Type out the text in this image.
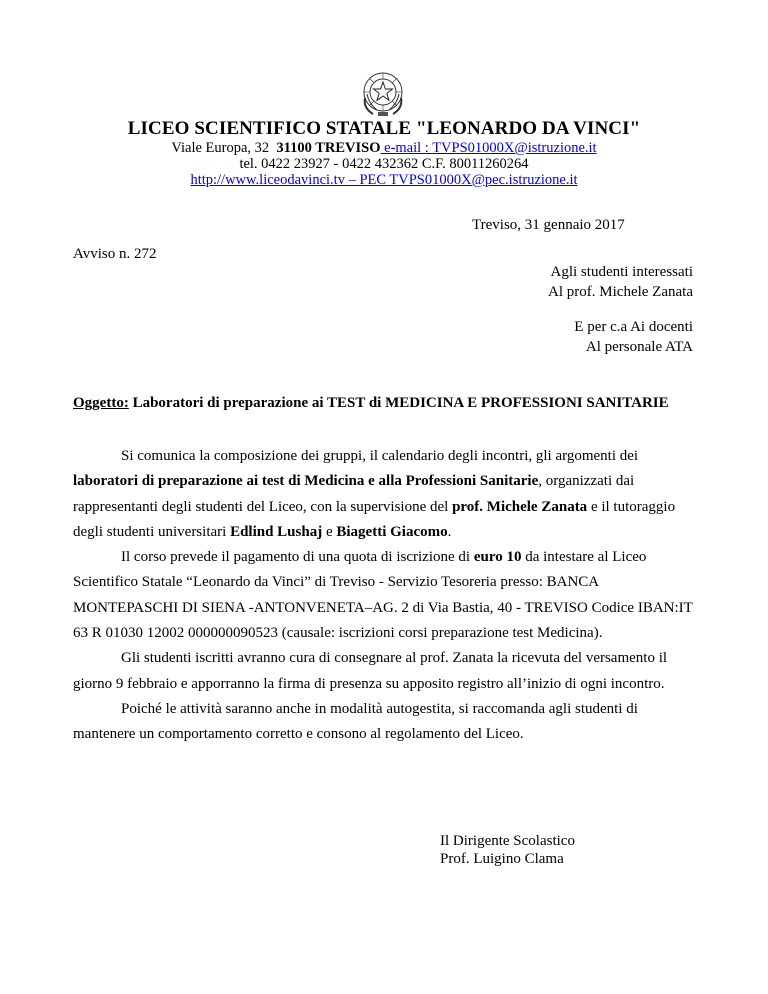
LICEO SCIENTIFICO STATALE "LEONARDO DA VINCI"
Viale Europa, 32 31100 TREVISO e-mail : TVPS01000X@istruzione.it
tel. 0422 23927 - 0422 432362 C.F. 80011260264
http://www.liceodavinci.tv – PEC TVPS01000X@pec.istruzione.it
Treviso, 31 gennaio 2017
Avviso n. 272
Agli studenti interessati
Al prof. Michele Zanata
E per c.a Ai docenti
Al personale ATA
Oggetto: Laboratori di preparazione ai TEST di MEDICINA E PROFESSIONI SANITARIE

Si comunica la composizione dei gruppi, il calendario degli incontri, gli argomenti dei laboratori di preparazione ai test di Medicina e alla Professioni Sanitarie, organizzati dai rappresentanti degli studenti del Liceo, con la supervisione del prof. Michele Zanata e il tutoraggio degli studenti universitari Edlind Lushaj e Biagetti Giacomo.

Il corso prevede il pagamento di una quota di iscrizione di euro 10 da intestare al Liceo Scientifico Statale “Leonardo da Vinci” di Treviso - Servizio Tesoreria presso: BANCA MONTEPASCHI DI SIENA -ANTONVENETA–AG. 2 di Via Bastia, 40 - TREVISO Codice IBAN:IT 63 R 01030 12002 000000090523 (causale: iscrizioni corsi preparazione test Medicina).

Gli studenti iscritti avranno cura di consegnare al prof. Zanata la ricevuta del versamento il giorno 9 febbraio e apporranno la firma di presenza su apposito registro all’inizio di ogni incontro.

Poiché le attività saranno anche in modalità autogestita, si raccomanda agli studenti di mantenere un comportamento corretto e consono al regolamento del Liceo.

Il Dirigente Scolastico
Prof. Luigino Clama
